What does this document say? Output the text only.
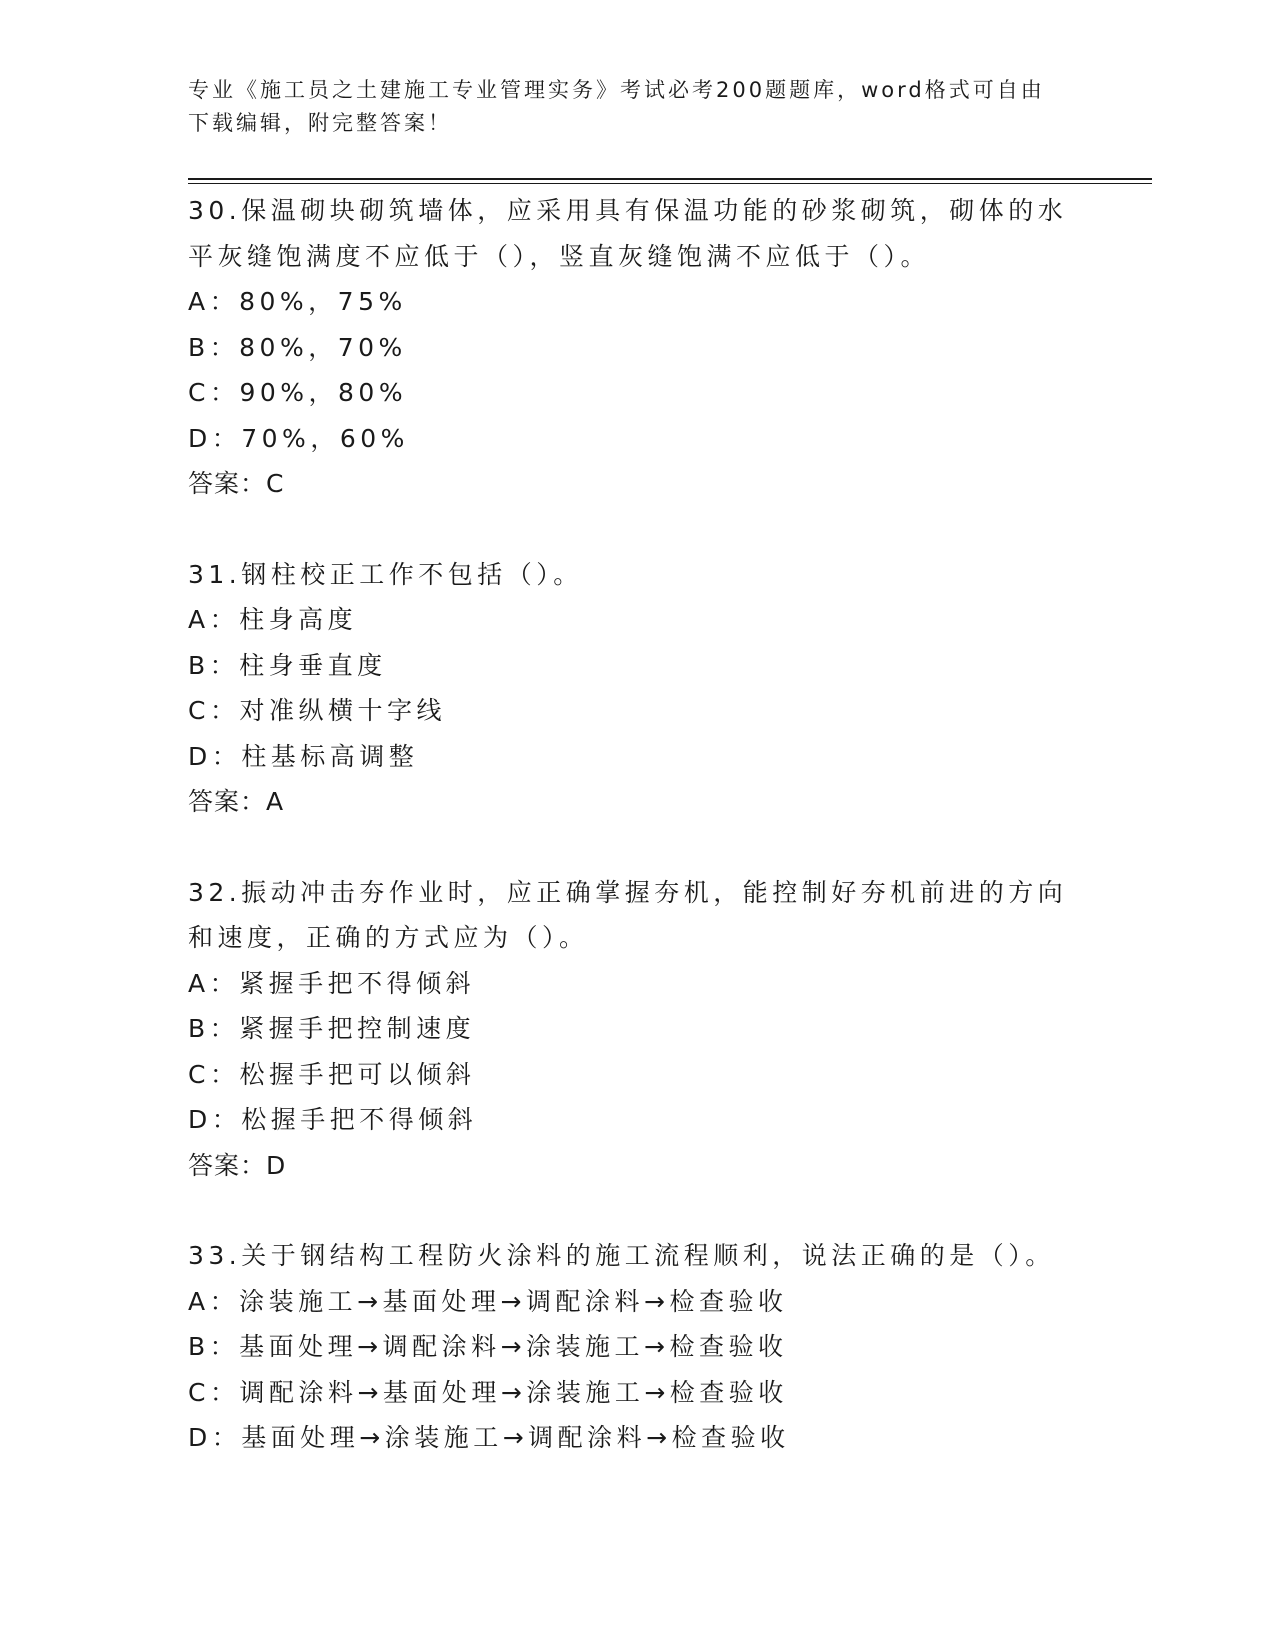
专业《施工员之土建施工专业管理实务》考试必考200题题库，word格式可自由下载编辑，附完整答案！

30.保温砌块砌筑墙体，应采用具有保温功能的砂浆砌筑，砌体的水平灰缝饱满度不应低于（），竖直灰缝饱满不应低于（）。

A：80%，75%

B：80%，70%

C：90%，80%

D：70%，60%

答案：C

31.钢柱校正工作不包括（）。

A：柱身高度

B：柱身垂直度

C：对准纵横十字线

D：柱基标高调整

答案：A

32.振动冲击夯作业时，应正确掌握夯机，能控制好夯机前进的方向和速度，正确的方式应为（）。

A：紧握手把不得倾斜

B：紧握手把控制速度

C：松握手把可以倾斜

D：松握手把不得倾斜

答案：D

33.关于钢结构工程防火涂料的施工流程顺利，说法正确的是（）。

A：涂装施工→基面处理→调配涂料→检查验收

B：基面处理→调配涂料→涂装施工→检查验收

C：调配涂料→基面处理→涂装施工→检查验收

D：基面处理→涂装施工→调配涂料→检查验收
